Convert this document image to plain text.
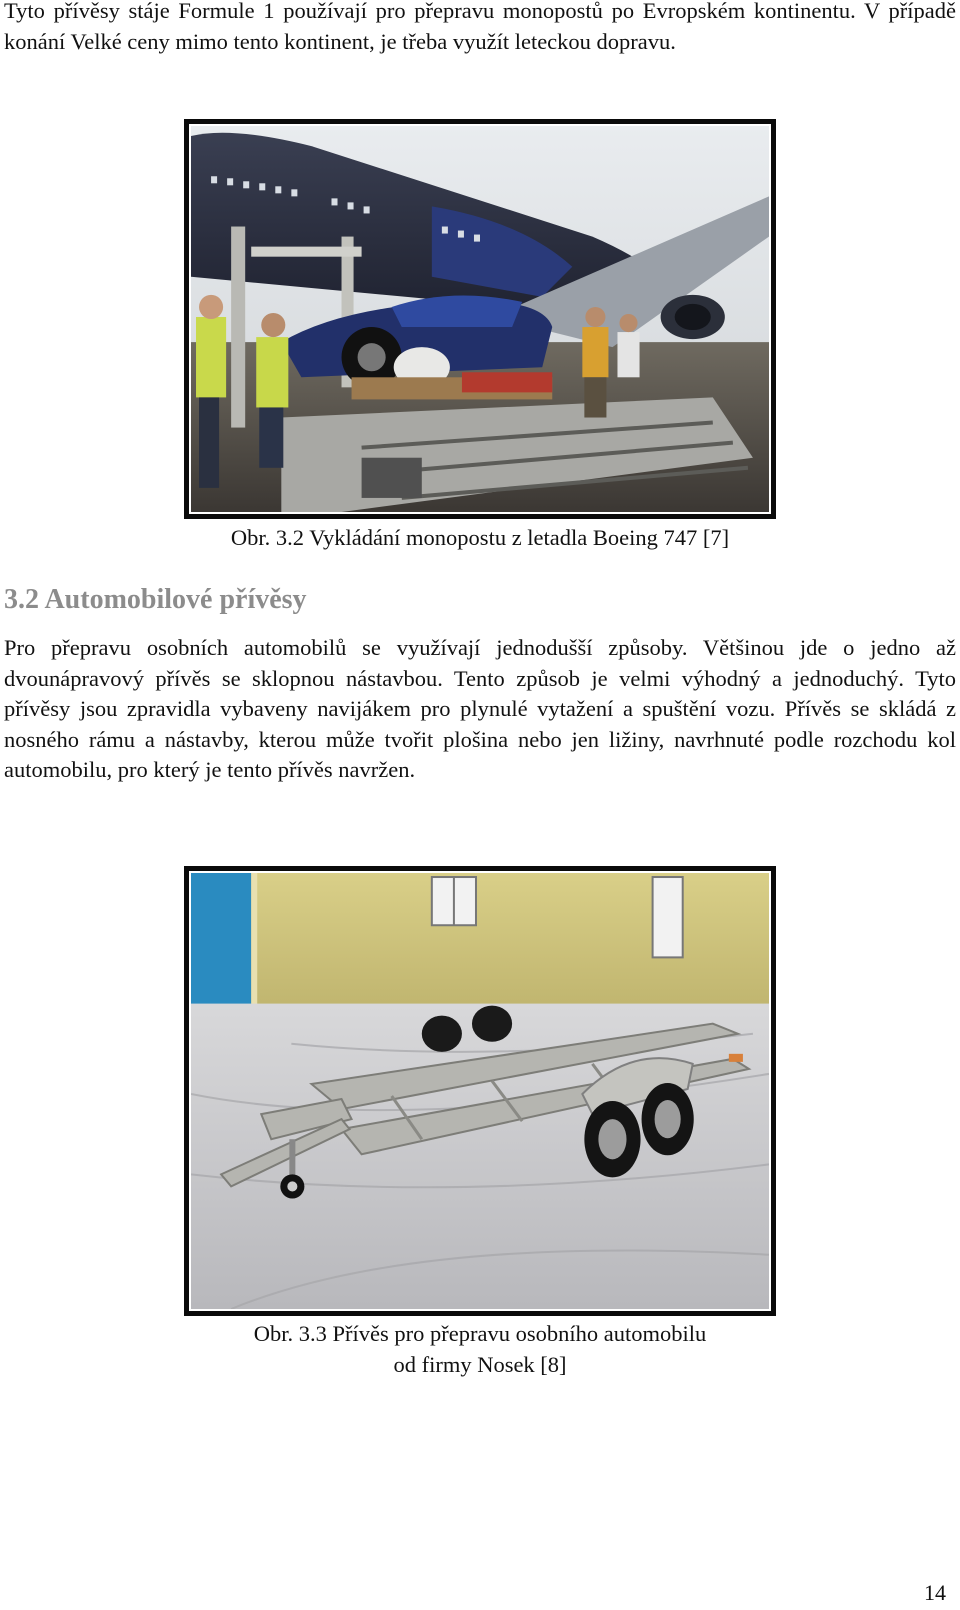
Tyto přívěsy stáje Formule 1 používají pro přepravu monopostů po Evropském kontinentu. V případě konání Velké ceny mimo tento kontinent, je třeba využít leteckou dopravu.

Obr. 3.2 Vykládání monopostu z letadla Boeing 747 [7]

3.2 Automobilové přívěsy

Pro přepravu osobních automobilů se využívají jednodušší způsoby. Většinou jde o jedno až dvounápravový přívěs se sklopnou nástavbou. Tento způsob je velmi výhodný a jednoduchý. Tyto přívěsy jsou zpravidla vybaveny navijákem pro plynulé vytažení a spuštění vozu. Přívěs se skládá z nosného rámu a nástavby, kterou může tvořit plošina nebo jen ližiny, navrhnuté podle rozchodu kol automobilu, pro který je tento přívěs navržen.

Obr. 3.3 Přívěs pro přepravu osobního automobilu
od firmy Nosek [8]

14
